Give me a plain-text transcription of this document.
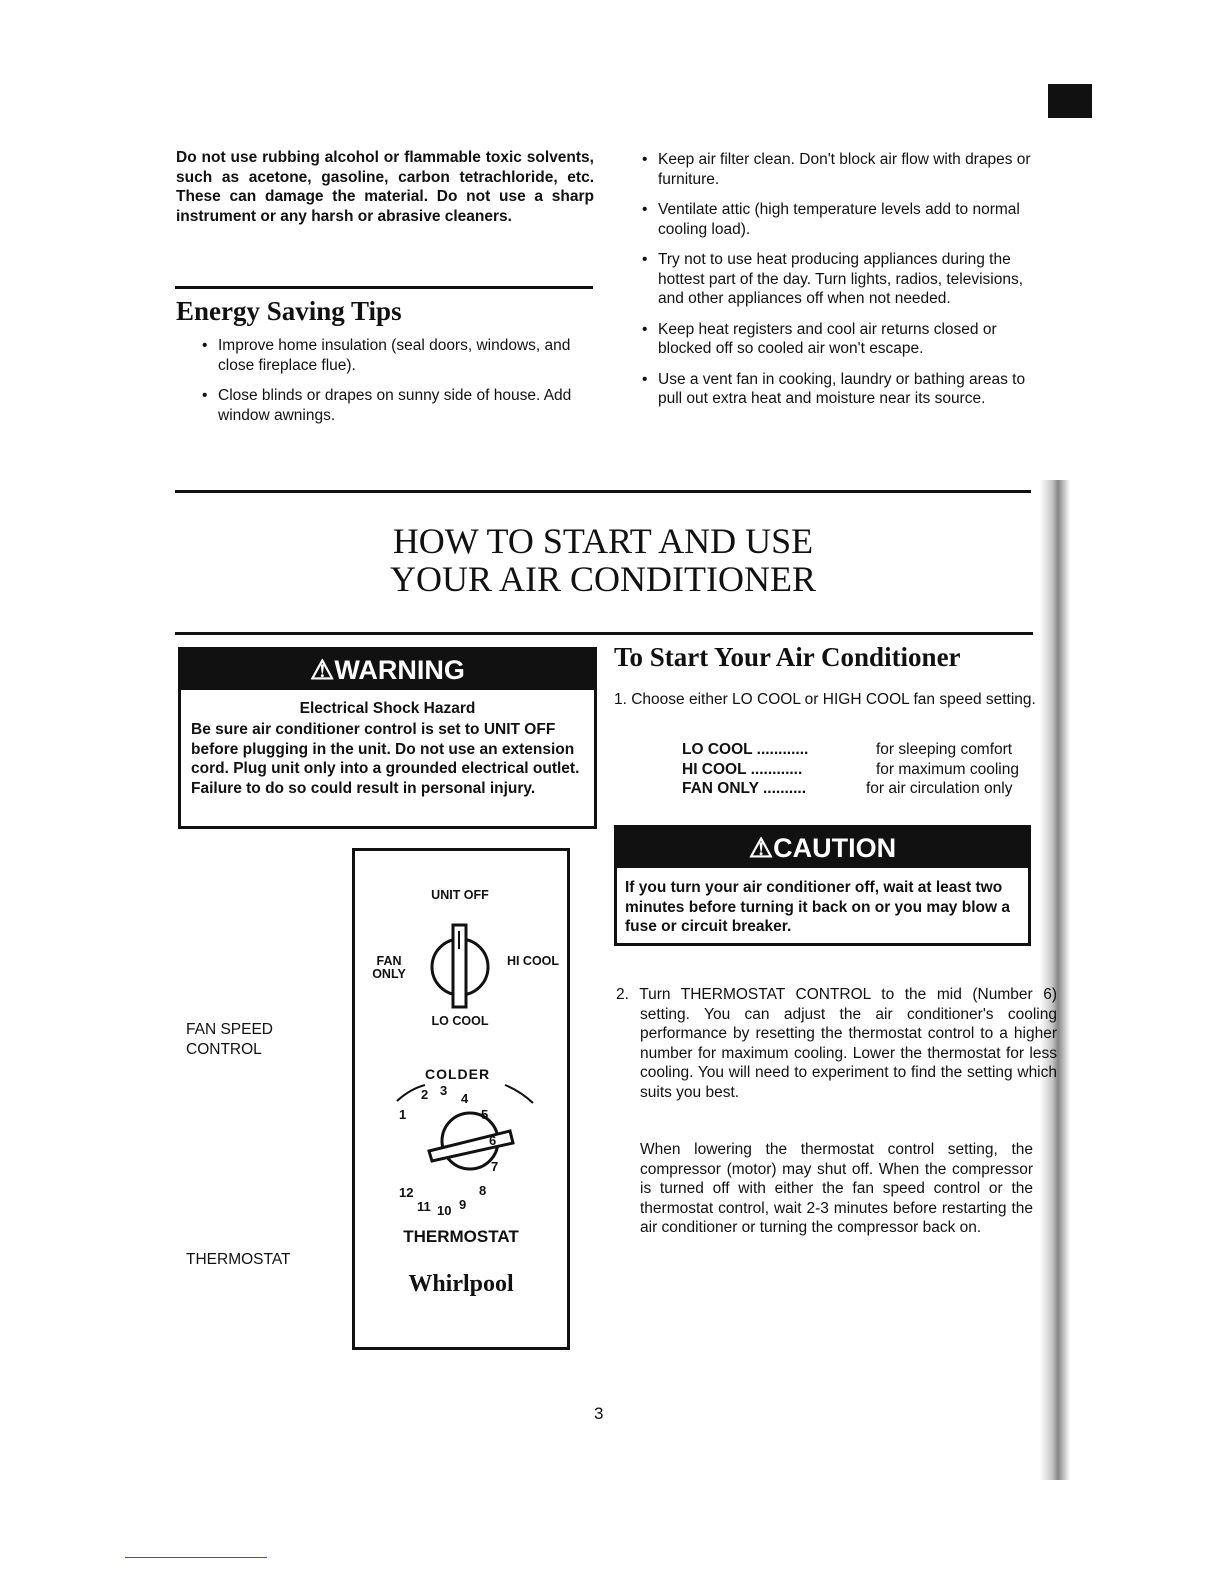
Do not use rubbing alcohol or flammable toxic solvents, such as acetone, gasoline, carbon tetrachloride, etc. These can damage the material. Do not use a sharp instrument or any harsh or abrasive cleaners.

Energy Saving Tips
• Improve home insulation (seal doors, windows, and close fireplace flue).
• Close blinds or drapes on sunny side of house. Add window awnings.
• Keep air filter clean. Don't block air flow with drapes or furniture.
• Ventilate attic (high temperature levels add to normal cooling load).
• Try not to use heat producing appliances during the hottest part of the day. Turn lights, radios, televisions, and other appliances off when not needed.
• Keep heat registers and cool air returns closed or blocked off so cooled air won't escape.
• Use a vent fan in cooking, laundry or bathing areas to pull out extra heat and moisture near its source.
HOW TO START AND USE
YOUR AIR CONDITIONER
⚠WARNING
Electrical Shock Hazard
Be sure air conditioner control is set to UNIT OFF before plugging in the unit. Do not use an extension cord. Plug unit only into a grounded electrical outlet. Failure to do so could result in personal injury.
FAN SPEED CONTROL
THERMOSTAT
UNIT OFF
FAN ONLY
HI COOL
LO COOL
COLDER
1
2 3
4
5
6
7
8
9
10
11
12
THERMOSTAT
Whirlpool
To Start Your Air Conditioner

1. Choose either LO COOL or HIGH COOL fan speed setting.

LO COOL ............	for sleeping comfort
HI COOL ............	for maximum cooling
FAN ONLY ..........	for air circulation only
⚠CAUTION
If you turn your air conditioner off, wait at least two minutes before turning it back on or you may blow a fuse or circuit breaker.

2. Turn THERMOSTAT CONTROL to the mid (Number 6) setting. You can adjust the air conditioner's cooling performance by resetting the thermostat control to a higher number for maximum cooling. Lower the thermostat for less cooling. You will need to experiment to find the setting which suits you best.

When lowering the thermostat control setting, the compressor (motor) may shut off. When the compressor is turned off with either the fan speed control or the thermostat control, wait 2-3 minutes before restarting the air conditioner or turning the compressor back on.

3
